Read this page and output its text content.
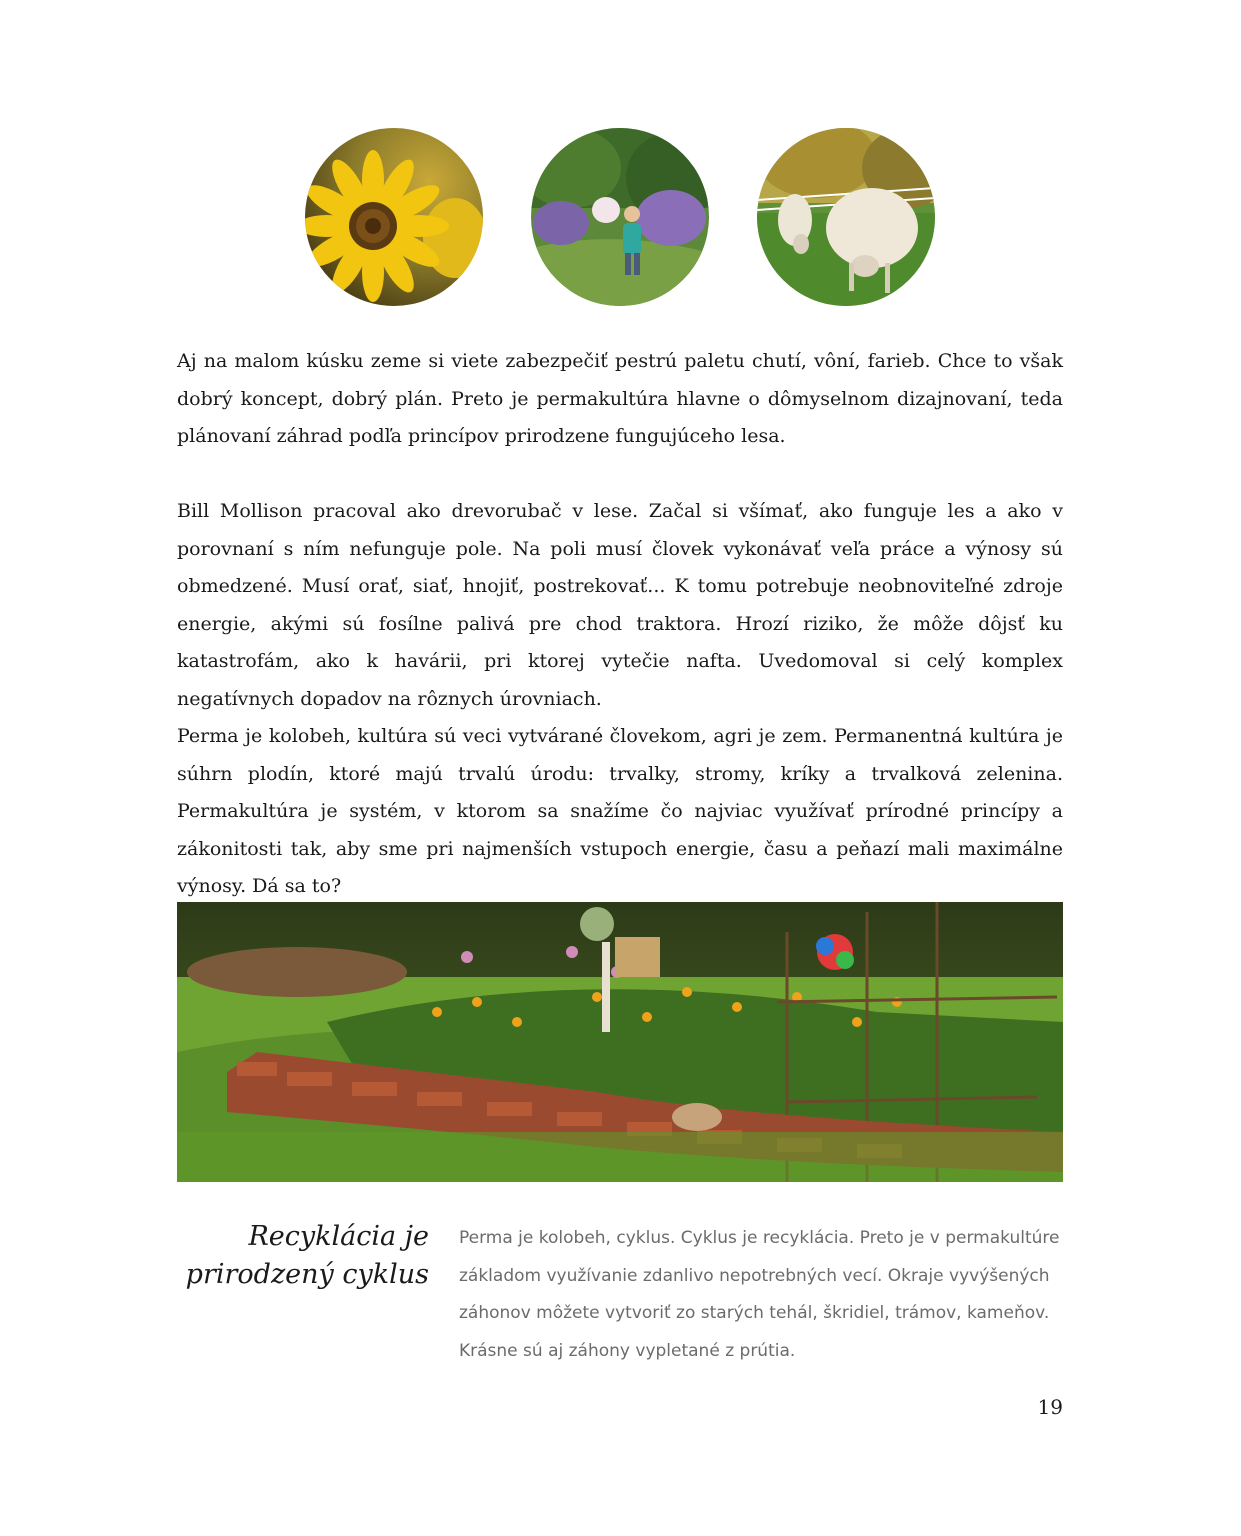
Aj na malom kúsku zeme si viete zabezpečiť pestrú paletu chutí, vôní, farieb. Chce to však dobrý koncept, dobrý plán. Preto je permakultúra hlavne o dômyselnom dizajnovaní, teda plánovaní záhrad podľa princípov prirodzene fungujúceho lesa.

Bill Mollison pracoval ako drevorubač v lese. Začal si všímať, ako funguje les a ako v porovnaní s ním nefunguje pole. Na poli musí človek vykonávať veľa práce a výnosy sú obmedzené. Musí orať, siať, hnojiť, postrekovať... K tomu potrebuje neobnoviteľné zdroje energie, akými sú fosílne palivá pre chod traktora. Hrozí riziko, že môže dôjsť ku katastrofám, ako k havárii, pri ktorej vytečie nafta. Uvedomoval si celý komplex negatívnych dopadov na rôznych úrovniach.

Perma je kolobeh, kultúra sú veci vytvárané človekom, agri je zem. Permanentná kultúra je súhrn plodín, ktoré majú trvalú úrodu: trvalky, stromy, kríky a trvalková zelenina. Permakultúra je systém, v ktorom sa snažíme čo najviac využívať prírodné princípy a zákonitosti tak, aby sme pri najmenších vstupoch energie, času a peňazí mali maximálne výnosy. Dá sa to?

Recyklácia je
prirodzený cyklus

Perma je kolobeh, cyklus. Cyklus je recyklácia. Preto je v permakultúre základom využívanie zdanlivo nepotrebných vecí. Okraje vyvýšených záhonov môžete vytvoriť zo starých tehál, škridiel, trámov, kameňov. Krásne sú aj záhony vypletané z prútia.

19
